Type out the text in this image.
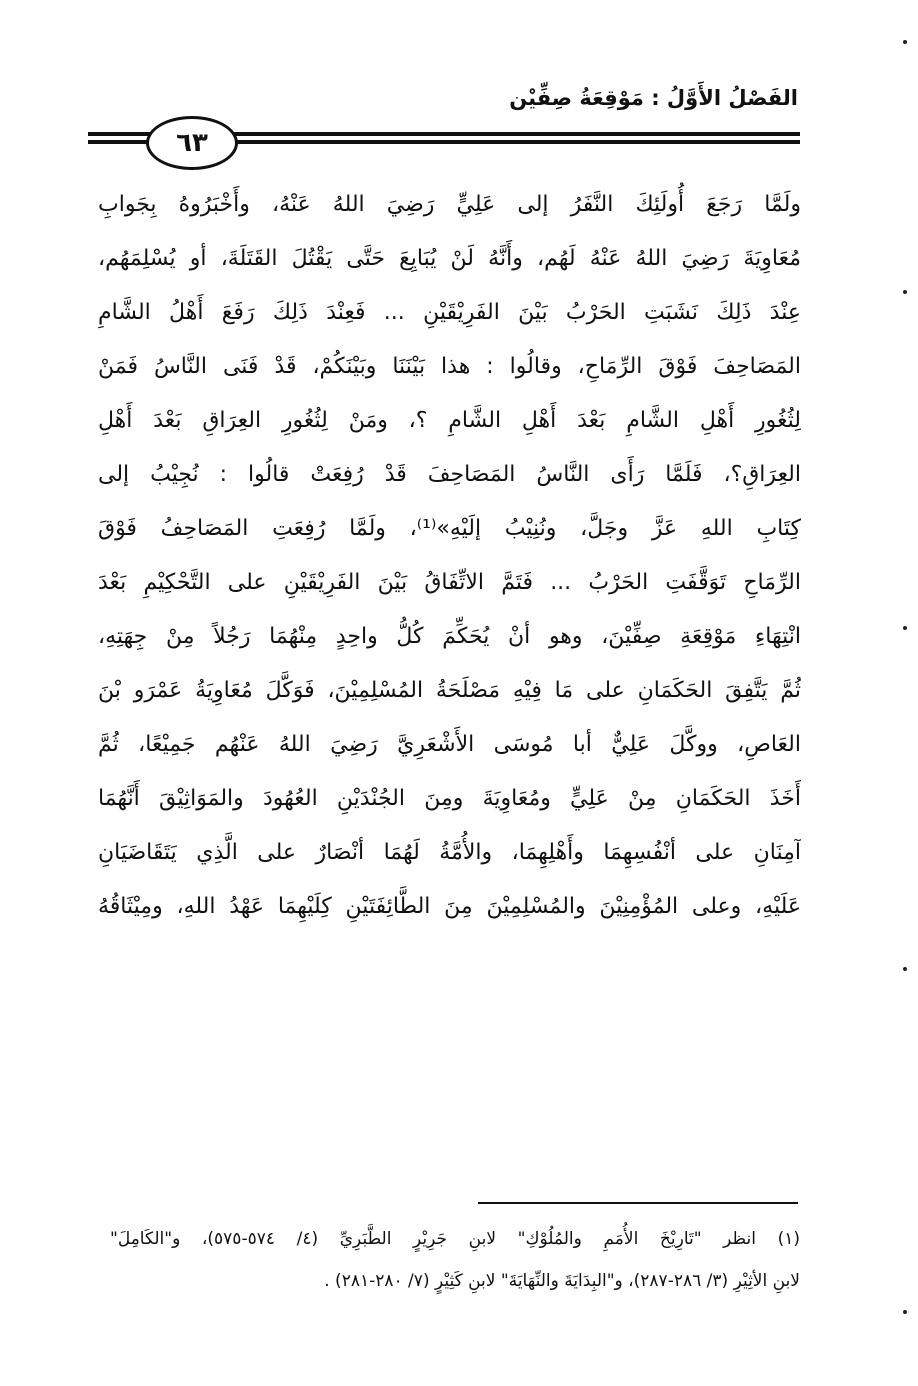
الفَصْلُ الأَوَّلُ : مَوْقِعَةُ صِفِّيْن
٦٣
ولَمَّا رَجَعَ أُولَئِكَ النَّفَرُ إلى عَلِيٍّ رَضِيَ اللهُ عَنْهُ، وأَخْبَرُوهُ بِجَوابِ
مُعَاوِيَةَ رَضِيَ اللهُ عَنْهُ لَهُم، وأَنَّهُ لَنْ يُبَايِعَ حَتَّى يَقْتُلَ القَتَلَةَ، أو يُسْلِمَهُم،
عِنْدَ ذَلِكَ نَشَبَتِ الحَرْبُ بَيْنَ الفَرِيْقَيْنِ ... فَعِنْدَ ذَلِكَ رَفَعَ أَهْلُ الشَّامِ
المَصَاحِفَ فَوْقَ الرِّمَاحِ، وقالُوا : هذا بَيْنَنَا وبَيْنَكُمْ، قَدْ فَنَى النَّاسُ فَمَنْ
لِثُغُورِ أَهْلِ الشَّامِ بَعْدَ أَهْلِ الشَّامِ ؟، ومَنْ لِثُغُورِ العِرَاقِ بَعْدَ أَهْلِ
العِرَاقِ؟، فَلَمَّا رَأَى النَّاسُ المَصَاحِفَ قَدْ رُفِعَتْ قالُوا : نُجِيْبُ إلى
كِتَابِ اللهِ عَزَّ وجَلَّ، ونُنِيْبُ إلَيْهِ»⁽¹⁾، ولَمَّا رُفِعَتِ المَصَاحِفُ فَوْقَ
الرِّمَاحِ تَوَقَّفَتِ الحَرْبُ ... فَتَمَّ الاتِّفَاقُ بَيْنَ الفَرِيْقَيْنِ على التَّحْكِيْمِ بَعْدَ
انْتِهَاءِ مَوْقِعَةِ صِفِّيْنَ، وهو أنْ يُحَكِّمَ كُلُّ واحِدٍ مِنْهُمَا رَجُلاً مِنْ جِهَتِهِ،
ثُمَّ يَتَّفِقَ الحَكَمَانِ على مَا فِيْهِ مَصْلَحَةُ المُسْلِمِيْنَ، فَوَكَّلَ مُعَاوِيَةُ عَمْرَو بْنَ
العَاصِ، ووكَّلَ عَلِيٌّ أبا مُوسَى الأَشْعَرِيَّ رَضِيَ اللهُ عَنْهُم جَمِيْعًا، ثُمَّ
أَخَذَ الحَكَمَانِ مِنْ عَلِيٍّ ومُعَاوِيَةَ ومِنَ الجُنْدَيْنِ العُهُودَ والمَوَاثِيْقَ أَنَّهُمَا
آمِنَانِ على أنْفُسِهِمَا وأَهْلِهِمَا، والأُمَّةُ لَهُمَا أنْصَارٌ على الَّذِي يَتَقَاضَيَانِ
عَلَيْهِ، وعلى المُؤْمِنِيْنَ والمُسْلِمِيْنَ مِنَ الطَّائِفَتَيْنِ كِلَيْهِمَا عَهْدُ اللهِ، ومِيْثَاقُهُ
(١) انظر "تَارِيْخَ الأُمَمِ والمُلُوْكِ" لابنِ جَرِيْرٍ الطَّبَرِيِّ (٤/ ٥٧٤-٥٧٥)، و"الكَامِلَ"
لابنِ الأثِيْرِ (٣/ ٢٨٦-٢٨٧)، و"البِدَايَةَ والنِّهَايَةَ" لابنِ كَثِيْرٍ (٧/ ٢٨٠-٢٨١) .
